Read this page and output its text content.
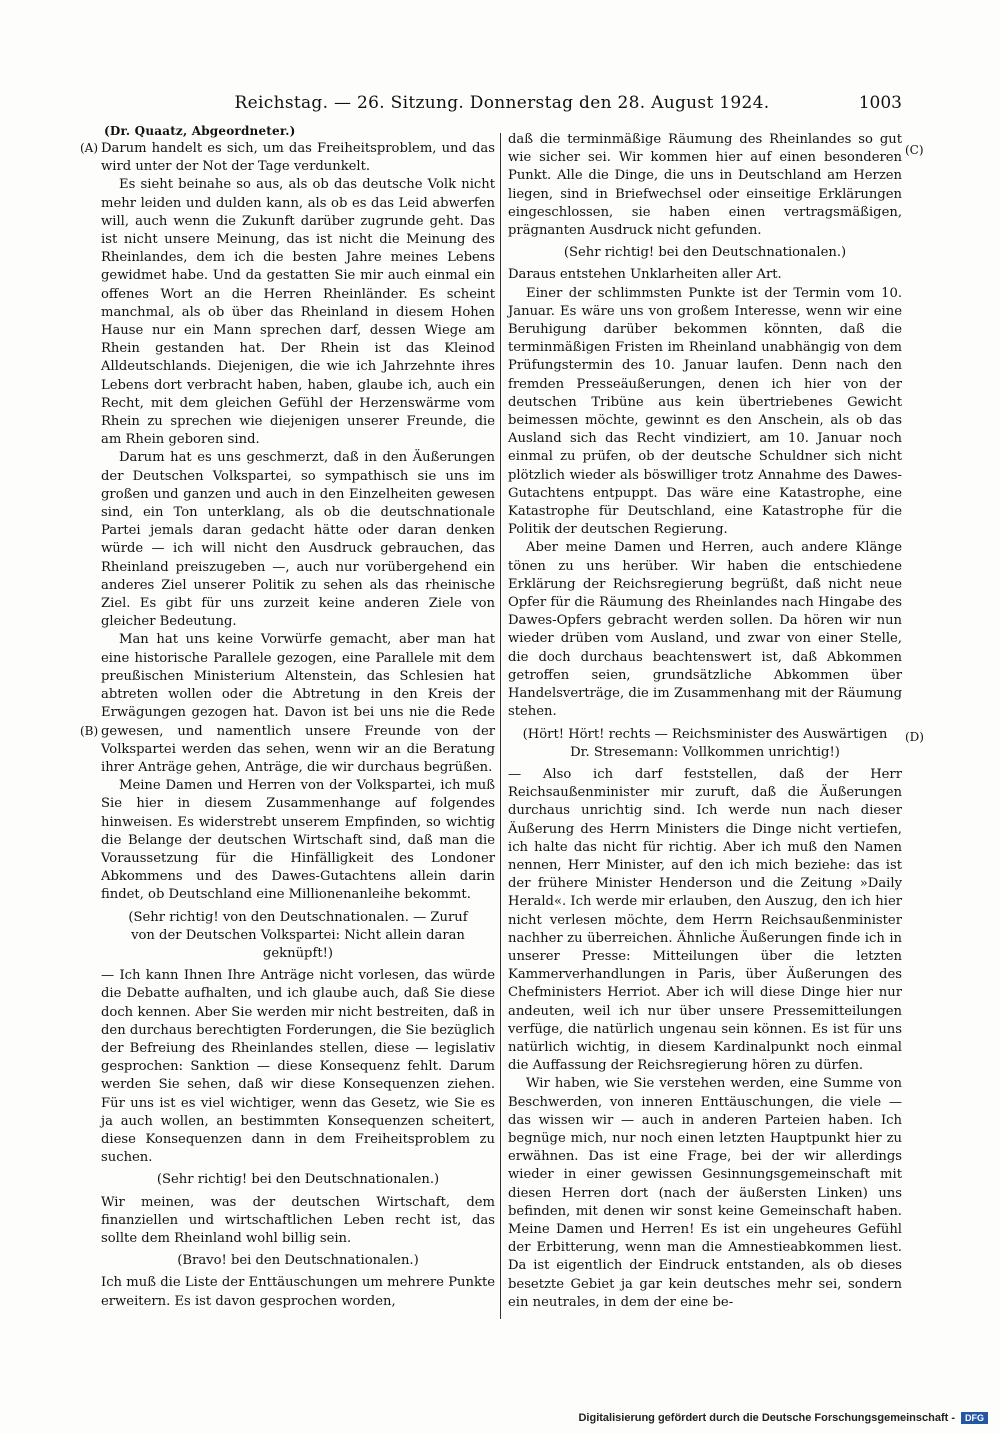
Reichstag. — 26. Sitzung. Donnerstag den 28. August 1924.	1003
(Dr. Quaatz, Abgeordneter.)
(A)
(B)
(C)
(D)

Darum handelt es sich, um das Freiheitsproblem, und das wird unter der Not der Tage verdunkelt.

Es sieht beinahe so aus, als ob das deutsche Volk nicht mehr leiden und dulden kann, als ob es das Leid abwerfen will, auch wenn die Zukunft darüber zugrunde geht. Das ist nicht unsere Meinung, das ist nicht die Meinung des Rheinlandes, dem ich die besten Jahre meines Lebens gewidmet habe. Und da gestatten Sie mir auch einmal ein offenes Wort an die Herren Rheinländer. Es scheint manchmal, als ob über das Rheinland in diesem Hohen Hause nur ein Mann sprechen darf, dessen Wiege am Rhein gestanden hat. Der Rhein ist das Kleinod Alldeutschlands. Diejenigen, die wie ich Jahrzehnte ihres Lebens dort verbracht haben, haben, glaube ich, auch ein Recht, mit dem gleichen Gefühl der Herzenswärme vom Rhein zu sprechen wie diejenigen unserer Freunde, die am Rhein geboren sind.

Darum hat es uns geschmerzt, daß in den Äußerungen der Deutschen Volkspartei, so sympathisch sie uns im großen und ganzen und auch in den Einzelheiten gewesen sind, ein Ton unterklang, als ob die deutschnationale Partei jemals daran gedacht hätte oder daran denken würde — ich will nicht den Ausdruck gebrauchen, das Rheinland preiszugeben —, auch nur vorübergehend ein anderes Ziel unserer Politik zu sehen als das rheinische Ziel. Es gibt für uns zurzeit keine anderen Ziele von gleicher Bedeutung.

Man hat uns keine Vorwürfe gemacht, aber man hat eine historische Parallele gezogen, eine Parallele mit dem preußischen Ministerium Altenstein, das Schlesien hat abtreten wollen oder die Abtretung in den Kreis der Erwägungen gezogen hat. Davon ist bei uns nie die Rede gewesen, und namentlich unsere Freunde von der Volkspartei werden das sehen, wenn wir an die Beratung ihrer Anträge gehen, Anträge, die wir durchaus begrüßen.

Meine Damen und Herren von der Volkspartei, ich muß Sie hier in diesem Zusammenhange auf folgendes hinweisen. Es widerstrebt unserem Empfinden, so wichtig die Belange der deutschen Wirtschaft sind, daß man die Voraussetzung für die Hinfälligkeit des Londoner Abkommens und des Dawes-Gutachtens allein darin findet, ob Deutschland eine Millionenanleihe bekommt.

(Sehr richtig! von den Deutschnationalen. — Zuruf von der Deutschen Volkspartei: Nicht allein daran geknüpft!)

— Ich kann Ihnen Ihre Anträge nicht vorlesen, das würde die Debatte aufhalten, und ich glaube auch, daß Sie diese doch kennen. Aber Sie werden mir nicht bestreiten, daß in den durchaus berechtigten Forderungen, die Sie bezüglich der Befreiung des Rheinlandes stellen, diese — legislativ gesprochen: Sanktion — diese Konsequenz fehlt. Darum werden Sie sehen, daß wir diese Konsequenzen ziehen. Für uns ist es viel wichtiger, wenn das Gesetz, wie Sie es ja auch wollen, an bestimmten Konsequenzen scheitert, diese Konsequenzen dann in dem Freiheitsproblem zu suchen.

(Sehr richtig! bei den Deutschnationalen.)

Wir meinen, was der deutschen Wirtschaft, dem finanziellen und wirtschaftlichen Leben recht ist, das sollte dem Rheinland wohl billig sein.

(Bravo! bei den Deutschnationalen.)

Ich muß die Liste der Enttäuschungen um mehrere Punkte erweitern. Es ist davon gesprochen worden,

daß die terminmäßige Räumung des Rheinlandes so gut wie sicher sei. Wir kommen hier auf einen besonderen Punkt. Alle die Dinge, die uns in Deutschland am Herzen liegen, sind in Briefwechsel oder einseitige Erklärungen eingeschlossen, sie haben einen vertragsmäßigen, prägnanten Ausdruck nicht gefunden.

(Sehr richtig! bei den Deutschnationalen.)

Daraus entstehen Unklarheiten aller Art.

Einer der schlimmsten Punkte ist der Termin vom 10. Januar. Es wäre uns von großem Interesse, wenn wir eine Beruhigung darüber bekommen könnten, daß die terminmäßigen Fristen im Rheinland unabhängig von dem Prüfungstermin des 10. Januar laufen. Denn nach den fremden Presseäußerungen, denen ich hier von der deutschen Tribüne aus kein übertriebenes Gewicht beimessen möchte, gewinnt es den Anschein, als ob das Ausland sich das Recht vindiziert, am 10. Januar noch einmal zu prüfen, ob der deutsche Schuldner sich nicht plötzlich wieder als böswilliger trotz Annahme des Dawes-Gutachtens entpuppt. Das wäre eine Katastrophe, eine Katastrophe für Deutschland, eine Katastrophe für die Politik der deutschen Regierung.

Aber meine Damen und Herren, auch andere Klänge tönen zu uns herüber. Wir haben die entschiedene Erklärung der Reichsregierung begrüßt, daß nicht neue Opfer für die Räumung des Rheinlandes nach Hingabe des Dawes-Opfers gebracht werden sollen. Da hören wir nun wieder drüben vom Ausland, und zwar von einer Stelle, die doch durchaus beachtenswert ist, daß Abkommen getroffen seien, grundsätzliche Abkommen über Handelsverträge, die im Zusammenhang mit der Räumung stehen.

(Hört! Hört! rechts — Reichsminister des Auswärtigen Dr. Stresemann: Vollkommen unrichtig!)

— Also ich darf feststellen, daß der Herr Reichsaußenminister mir zuruft, daß die Äußerungen durchaus unrichtig sind. Ich werde nun nach dieser Äußerung des Herrn Ministers die Dinge nicht vertiefen, ich halte das nicht für richtig. Aber ich muß den Namen nennen, Herr Minister, auf den ich mich beziehe: das ist der frühere Minister Henderson und die Zeitung »Daily Herald«. Ich werde mir erlauben, den Auszug, den ich hier nicht verlesen möchte, dem Herrn Reichsaußenminister nachher zu überreichen. Ähnliche Äußerungen finde ich in unserer Presse: Mitteilungen über die letzten Kammerverhandlungen in Paris, über Äußerungen des Chefministers Herriot. Aber ich will diese Dinge hier nur andeuten, weil ich nur über unsere Pressemitteilungen verfüge, die natürlich ungenau sein können. Es ist für uns natürlich wichtig, in diesem Kardinalpunkt noch einmal die Auffassung der Reichsregierung hören zu dürfen.

Wir haben, wie Sie verstehen werden, eine Summe von Beschwerden, von inneren Enttäuschungen, die viele — das wissen wir — auch in anderen Parteien haben. Ich begnüge mich, nur noch einen letzten Hauptpunkt hier zu erwähnen. Das ist eine Frage, bei der wir allerdings wieder in einer gewissen Gesinnungsgemeinschaft mit diesen Herren dort (nach der äußersten Linken) uns befinden, mit denen wir sonst keine Gemeinschaft haben. Meine Damen und Herren! Es ist ein ungeheures Gefühl der Erbitterung, wenn man die Amnestieabkommen liest. Da ist eigentlich der Eindruck entstanden, als ob dieses besetzte Gebiet ja gar kein deutsches mehr sei, sondern ein neutrales, in dem der eine be-

Digitalisierung gefördert durch die Deutsche Forschungsgemeinschaft -	DFG
